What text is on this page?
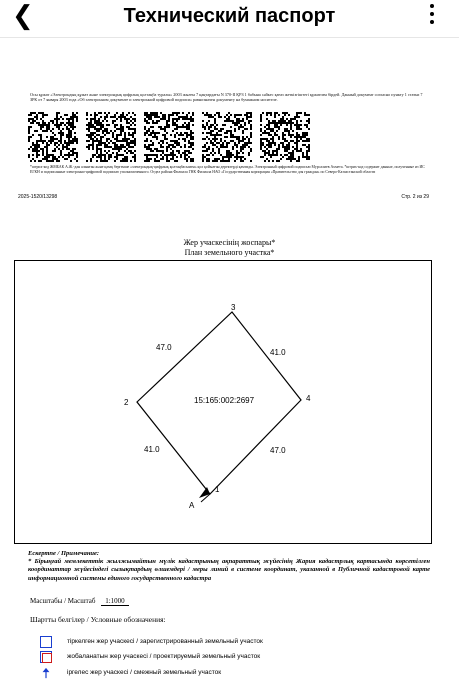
❮	Технический паспорт
Осы құжат «Электрондық құжат және электрондық цифрлық қолтаңба туралы» 2003 жылғы 7 қаңтардағы N 370-II ҚРЗ 1 бабына сәйкес қағаз жеткізгіштегі құжатпен бірдей. Данный документ согласно пункту 1 статьи 7 ЗРК от 7 января 2003 года «Об электронном документе и электронной цифровой подписи» равнозначен документу на бумажном носителе.
*штрих-код ЖМБАК А.Ж.-дан алынған және қазақ бергенше «электрондық-цифрлық қолтаңбасымен» қол қойылған деректерді қамтиды. Электронный цифровой подписью Мурсалиев Ахмета. *штрих-код содержит данные, полученные из ИС ЕГКН и подписанные электронно-цифровой подписью уполномоченного. Отдел района Филиала ГНК Филиала НАО «Государственная корпорация «Правительство для граждан» по Северо-Казахстанской области
2025-1520/13298	Стр. 2 из 29
Жер учаскесінің жоспары*
План земельного участка*
15:165:002:2697
1
2
3
4
41.0
47.0
41.0
47.0
A
Ескертпе / Примечание:
* Бірыңғай мемлекеттік жылжымайтын мүлік кадастрының ақпараттық жүйесінің Жария кадастрлық картасында көрсетілген координаттар жүйесіндегі сызықтардың өлшемдері / меры линий в системе координат, указанной в Публичной кадастровой карте информационной системы единого государственного кадастра
Масштабы / Масштаб 1:1000
Шартты белгілер / Условные обозначения:
тіркелген жер учаскесі / зарегистрированный земельный участок
жобаланатын жер учаскесі / проектируемый земельный участок
іргелес жер учаскесі / смежный земельный участок
